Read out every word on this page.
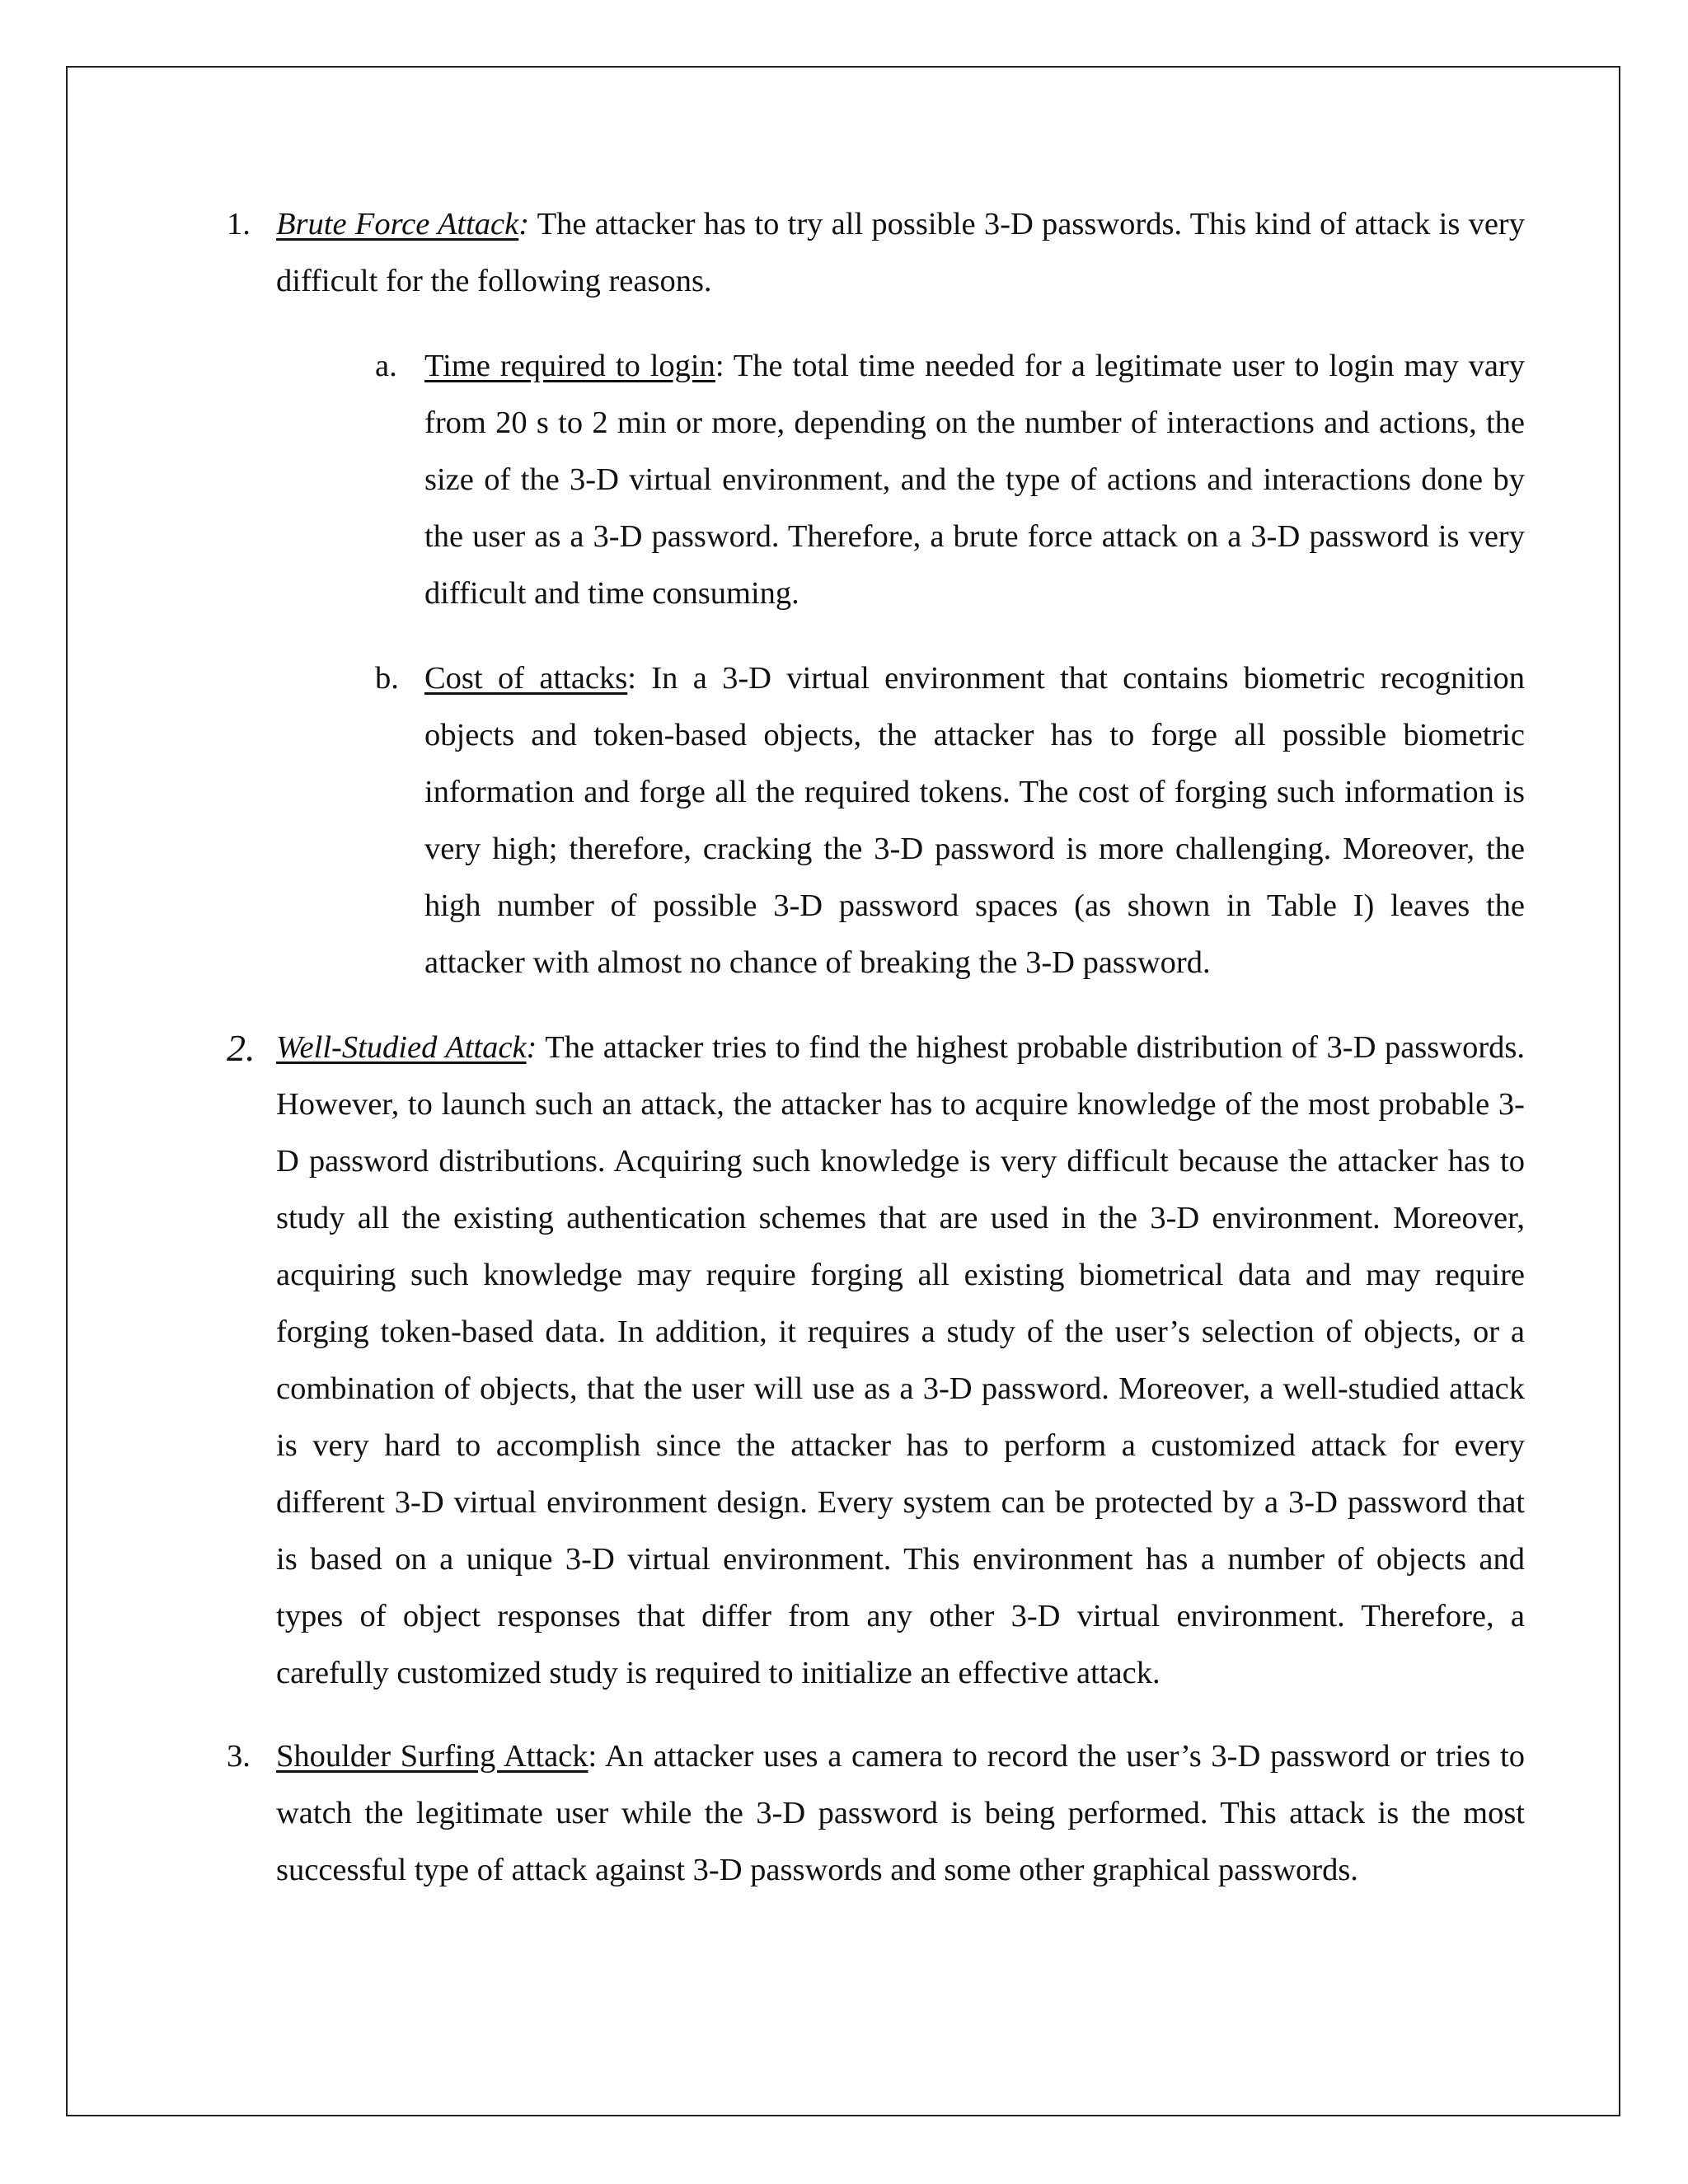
1. Brute Force Attack: The attacker has to try all possible 3-D passwords. This kind of attack is very difficult for the following reasons.
a. Time required to login: The total time needed for a legitimate user to login may vary from 20 s to 2 min or more, depending on the number of interactions and actions, the size of the 3-D virtual environment, and the type of actions and interactions done by the user as a 3-D password. Therefore, a brute force attack on a 3-D password is very difficult and time consuming.
b. Cost of attacks: In a 3-D virtual environment that contains biometric recognition objects and token-based objects, the attacker has to forge all possible biometric information and forge all the required tokens. The cost of forging such information is very high; therefore, cracking the 3-D password is more challenging. Moreover, the high number of possible 3-D password spaces (as shown in Table I) leaves the attacker with almost no chance of breaking the 3-D password.
2. Well-Studied Attack: The attacker tries to find the highest probable distribution of 3-D passwords. However, to launch such an attack, the attacker has to acquire knowledge of the most probable 3-D password distributions. Acquiring such knowledge is very difficult because the attacker has to study all the existing authentication schemes that are used in the 3-D environment. Moreover, acquiring such knowledge may require forging all existing biometrical data and may require forging token-based data. In addition, it requires a study of the user’s selection of objects, or a combination of objects, that the user will use as a 3-D password. Moreover, a well-studied attack is very hard to accomplish since the attacker has to perform a customized attack for every different 3-D virtual environment design. Every system can be protected by a 3-D password that is based on a unique 3-D virtual environment. This environment has a number of objects and types of object responses that differ from any other 3-D virtual environment. Therefore, a carefully customized study is required to initialize an effective attack.
3. Shoulder Surfing Attack: An attacker uses a camera to record the user’s 3-D password or tries to watch the legitimate user while the 3-D password is being performed. This attack is the most successful type of attack against 3-D passwords and some other graphical passwords.
